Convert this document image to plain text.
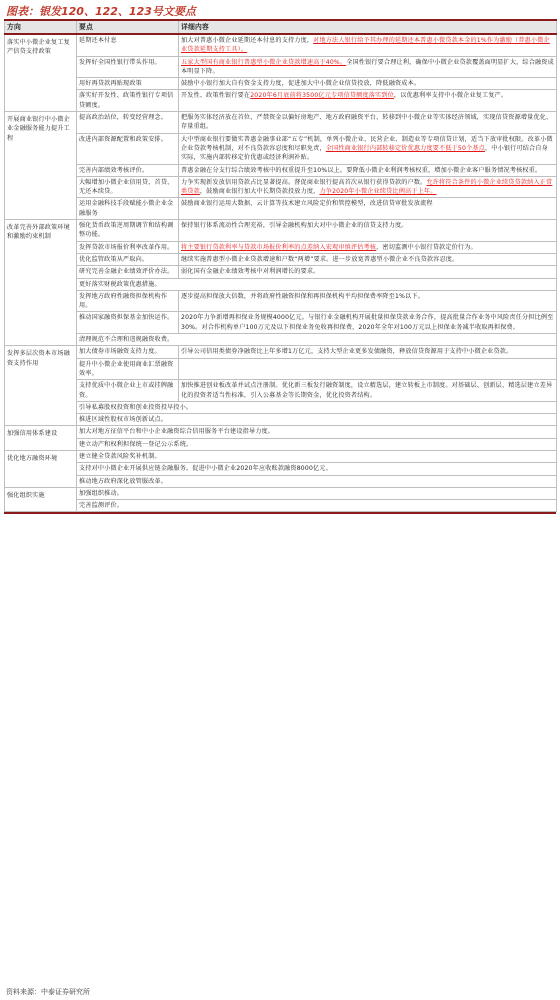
图表：银发120、122、123号文要点
方向	要点	详细内容
落实中小微企业复工复产信贷支持政策	延期还本付息	加大对普惠小微企业延期还本付息的支持力度，对地方法人银行给予其办理的延期还本普惠小微贷款本金的1%作为激励（普惠小微企业贷款延期支持工具）。
	发挥好全国性银行带头作用。	五家大型国有商业银行普惠型小微企业贷款增速高于40%。全国性银行要合理让利，确保中小微企业贷款覆盖面明显扩大，综合融资成本明显下降。
	用好再贷款再贴现政策	鼓励中小银行加大自有资金支持力度，促进加大中小微企业信贷投放，降低融资成本。
	落实好开发性、政策性银行专项信贷额度。	开发性、政策性银行要在2020年6月底前将3500亿元专项信贷额度落实到位，以优惠利率支持中小微企业复工复产。
开展商业银行中小微企业金融服务能力提升工程	提高政治站位，转变经营理念。	把服务实体经济放在首位，严禁资金以偏好房地产、地方政府融资平台，转移到中小微企业等实体经济领域，实现信贷资源增量优化、存量重组。
	改进内部资源配置和政策安排。	大中型商业银行要做实普惠金融事业部“五专”机制，单列小微企业、民营企业、制造业等专项信贷计划，适当下放审批权限。改革小微企业贷款考核机制，对不良贷款容忍度和尽职免责，全国性商业银行内部转移定价优惠力度要不低于50个基点，中小银行可结合自身实际，实施内部转移定价优惠或经济利润补贴。
	完善内部绩效考核评价。	普惠金融在分支行综合绩效考核中的权重提升至10%以上。要降低小微企业利润考核权重，增加小微企业客户服务情况考核权重。
	大幅增加小微企业信用贷、首贷、无还本续贷。	力争实现新发放信用贷款占比显著提高。督促商业银行提高首次从银行获得贷款的户数。允许将符合条件的小微企业续贷贷款纳入正常类贷款，鼓励商业银行加大中长期贷款投放力度，力争2020年小微企业续贷比例高于上年。
	运用金融科技手段赋能小微企业金融服务	鼓励商业银行运用大数据、云计算等技术建立风险定价和管控模型，改进信贷审批发放流程
改革完善外部政策环境和激励约束机制	强化货币政策逆周期调节和结构调整功能。	保持银行体系流动性合理充裕，引导金融机构加大对中小微企业的信贷支持力度。
	发挥贷款市场报价利率改革作用。	将主要银行贷款利率与贷款市场报价利率的点差纳入宏观审慎评估考核，密切监测中小银行贷款定价行为。
	优化监管政策从严取向。	继续实施普惠型小微企业贷款增速和户数“两增”要求。进一步放宽普惠型小微企业不良贷款容忍度。
	研究完善金融企业绩效评价办法。	弱化国有金融企业绩效考核中对利润增长的要求。
	更好落实财税政策优惠措施。	
	发挥地方政府性融资担保机构作用。	逐步提高担保放大倍数，并将政府性融资担保和再担保机构平均担保费率降至1%以下。
	推动国家融资担保基金加快运作。	2020年力争新增再担保业务规模4000亿元。与银行业金融机构开展批量担保贷款业务合作，提高批量合作业务中风险责任分担比例至30%。对合作机构单户100万元及以下担保业务免收再担保费，2020年全年对100万元以上担保业务减半收取再担保费。
	清理规范不合理和违规融资收费。	
发挥多层次资本市场融资支持作用	加大债券市场融资支持力度。	引导公司信用类债券净融资比上年多增1万亿元，支持大型企业更多发债融资，释放信贷资源用于支持中小微企业贷款。
	提升中小微企业使用商业汇票融资效率。	
	支持优质中小微企业上市或挂牌融资。	加快推进创业板改革并试点注册制。优化新三板发行融资制度，设立精选层，建立转板上市制度。对基础层、创新层、精选层建立差异化的投资者适当性标准，引入公募基金等长期资金，优化投资者结构。
	引导私募股权投资和创业投资投早投小。	
	推进区域性股权市场创新试点。	
加强信用体系建设	加大对地方征信平台和中小企业融资综合信用服务平台建设指导力度。	
	建立动产和权利担保统一登记公示系统。	
优化地方融资环境	建立健全贷款风险奖补机制。	
	支持对中小微企业开展供应链金融服务。促进中小微企业2020年应收账款融资8000亿元。	
	推动地方政府深化放管服改革。	
强化组织实施	加强组织推动。	
	完善监测评价。	
资料来源：中泰证券研究所
